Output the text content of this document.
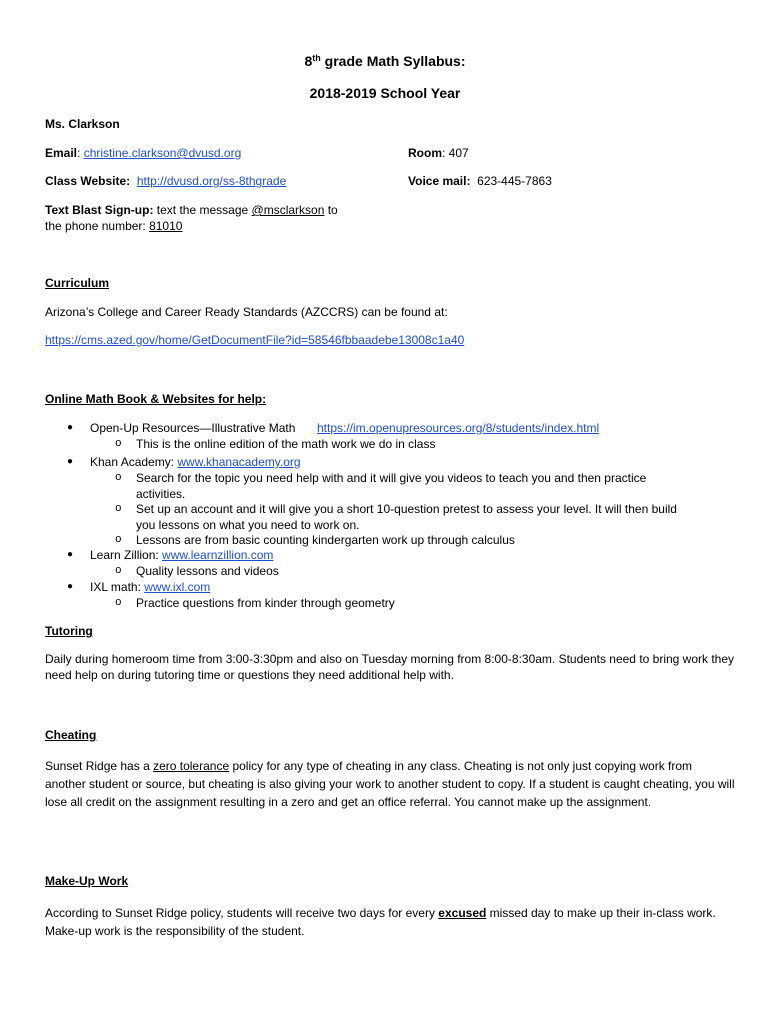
8th grade Math Syllabus:
2018-2019 School Year
Ms. Clarkson
Email: christine.clarkson@dvusd.org	Room: 407
Class Website: http://dvusd.org/ss-8thgrade	Voice mail: 623-445-7863
Text Blast Sign-up: text the message @msclarkson to
the phone number: 81010
Curriculum
Arizona’s College and Career Ready Standards (AZCCRS) can be found at:
https://cms.azed.gov/home/GetDocumentFile?id=58546fbbaadebe13008c1a40
Online Math Book & Websites for help:
● Open-Up Resources—Illustrative Math https://im.openupresources.org/8/students/index.html
o This is the online edition of the math work we do in class
● Khan Academy: www.khanacademy.org
o Search for the topic you need help with and it will give you videos to teach you and then practice
activities.
o Set up an account and it will give you a short 10-question pretest to assess your level. It will then build
you lessons on what you need to work on.
o Lessons are from basic counting kindergarten work up through calculus
● Learn Zillion: www.learnzillion.com
o Quality lessons and videos
● IXL math: www.ixl.com
o Practice questions from kinder through geometry
Tutoring
Daily during homeroom time from 3:00-3:30pm and also on Tuesday morning from 8:00-8:30am. Students need to bring work they need help on during tutoring time or questions they need additional help with.
Cheating
Sunset Ridge has a zero tolerance policy for any type of cheating in any class. Cheating is not only just copying work from another student or source, but cheating is also giving your work to another student to copy. If a student is caught cheating, you will lose all credit on the assignment resulting in a zero and get an office referral. You cannot make up the assignment.
Make-Up Work
According to Sunset Ridge policy, students will receive two days for every excused missed day to make up their in-class work. Make-up work is the responsibility of the student.
